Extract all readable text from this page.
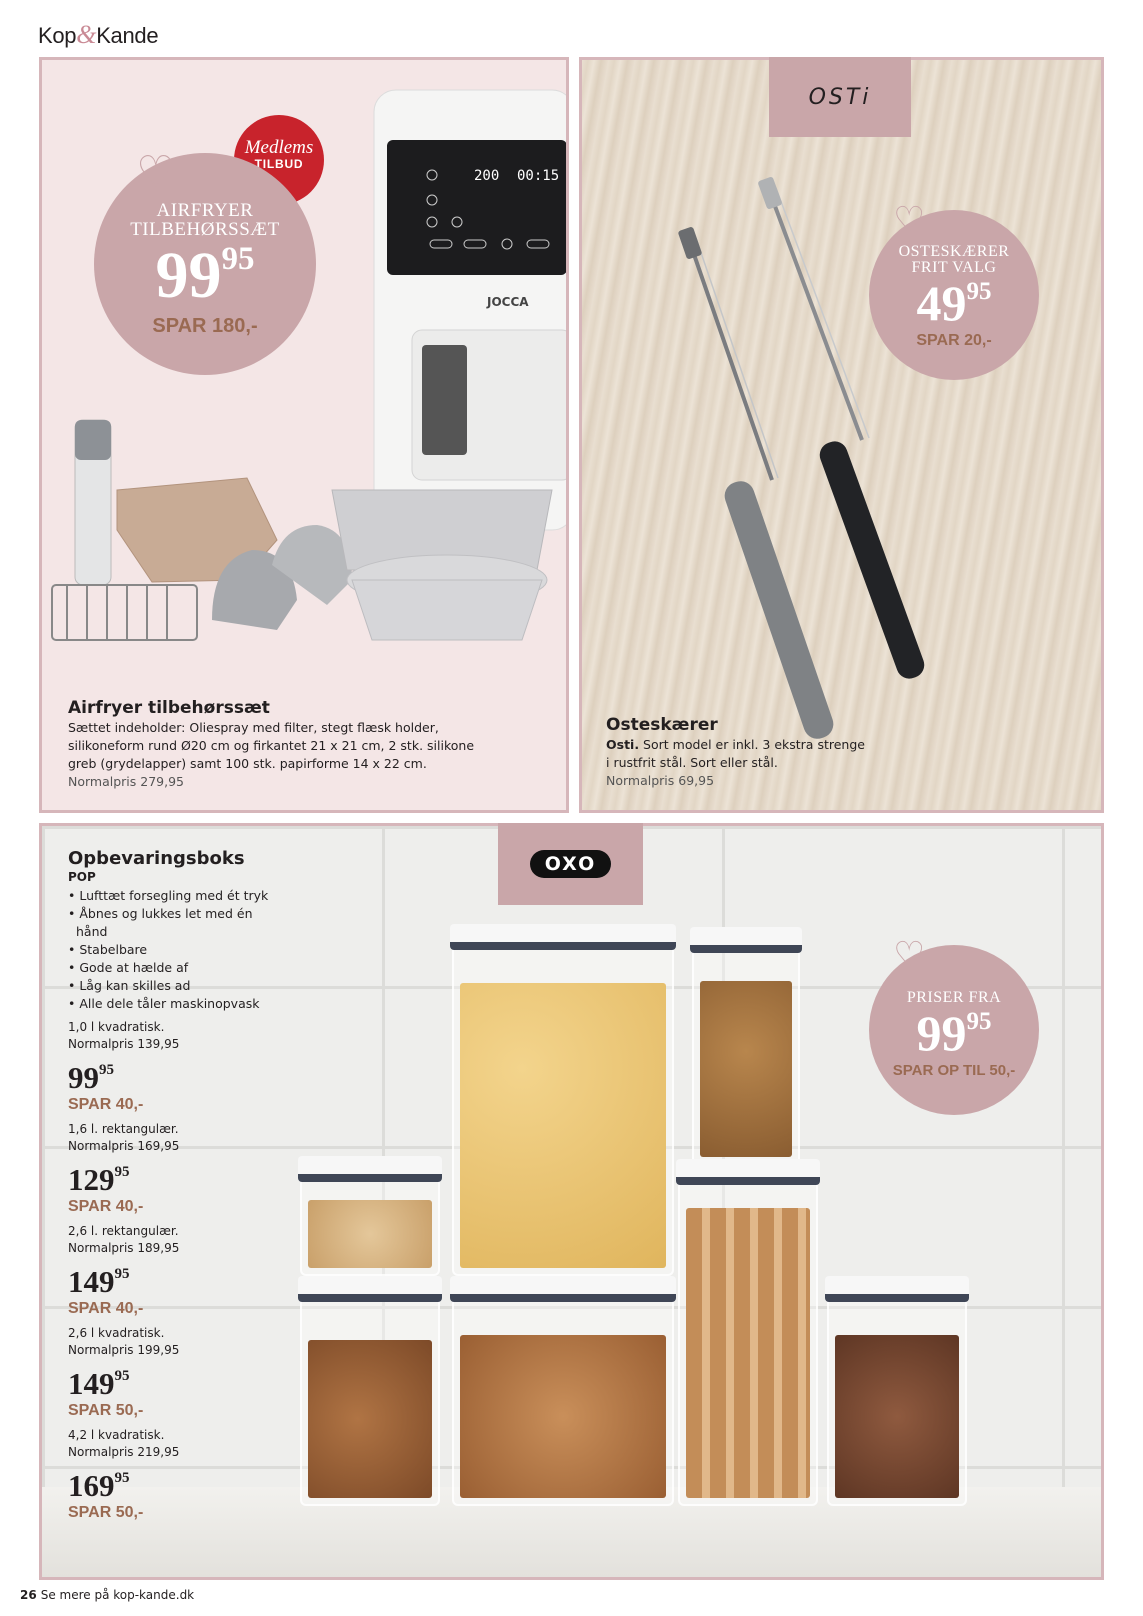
Kop&Kande
200 00:15
JOCCA
Medlems
TILBUD
♡
AIRFRYER
TILBEHØRSSÆT
$99^{95}$
SPAR 180,-
Airfryer tilbehørssæt
Sættet indeholder: Oliespray med filter, stegt flæsk holder, silikoneform rund Ø20 cm og firkantet 21 x 21 cm, 2 stk. silikone greb (grydelapper) samt 100 stk. papirforme 14 x 22 cm.
Normalpris 279,95
OSTi
♡
OSTESKÆRER
FRIT VALG
$49^{95}$
SPAR 20,-
Osteskærer
Osti. Sort model er inkl. 3 ekstra strenge i rustfrit stål. Sort eller stål.
Normalpris 69,95
OXO
♡
PRISER FRA
$99^{95}$
SPAR OP TIL 50,-
Opbevaringsboks
POP
• Lufttæt forsegling med ét tryk
• Åbnes og lukkes let med én hånd
• Stabelbare
• Gode at hælde af
• Låg kan skilles ad
• Alle dele tåler maskinopvask
1,0 l kvadratisk.
Normalpris 139,95
$99^{95}$
SPAR 40,-
1,6 l. rektangulær.
Normalpris 169,95
$129^{95}$
SPAR 40,-
2,6 l. rektangulær.
Normalpris 189,95
$149^{95}$
SPAR 40,-
2,6 l kvadratisk.
Normalpris 199,95
$149^{95}$
SPAR 50,-
4,2 l kvadratisk.
Normalpris 219,95
$169^{95}$
SPAR 50,-
26 Se mere på kop-kande.dk
